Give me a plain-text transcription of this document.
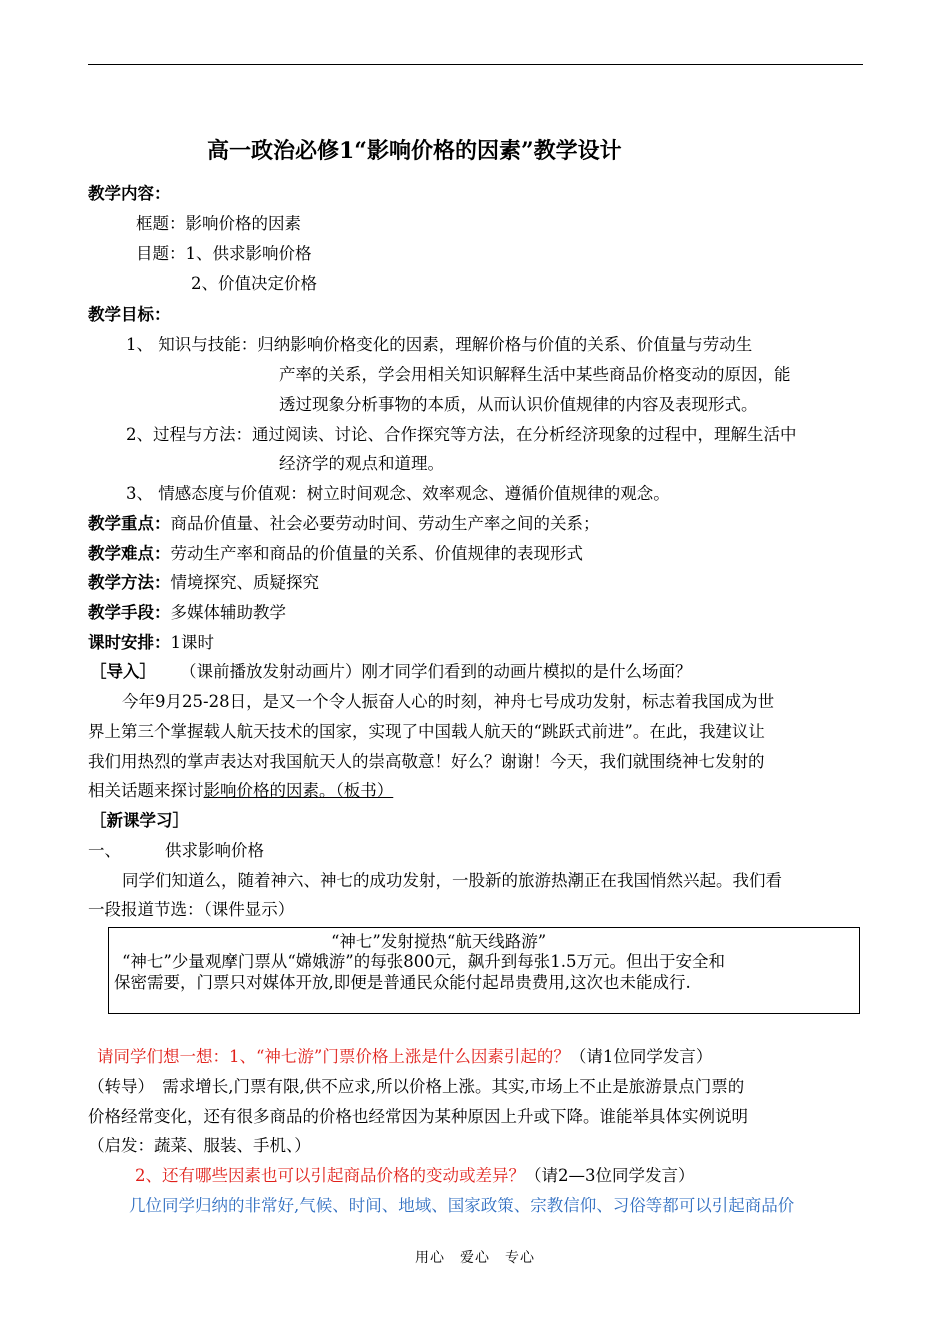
高一政治必修1“影响价格的因素”教学设计
教学内容：
框题：影响价格的因素
目题：1、供求影响价格
2、价值决定价格
教学目标：
1、 知识与技能：归纳影响价格变化的因素，理解价格与价值的关系、价值量与劳动生
产率的关系，学会用相关知识解释生活中某些商品价格变动的原因，能
透过现象分析事物的本质，从而认识价值规律的内容及表现形式。
2、过程与方法：通过阅读、讨论、合作探究等方法，在分析经济现象的过程中，理解生活中
经济学的观点和道理。
3、 情感态度与价值观：树立时间观念、效率观念、遵循价值规律的观念。
教学重点：商品价值量、社会必要劳动时间、劳动生产率之间的关系；
教学难点：劳动生产率和商品的价值量的关系、价值规律的表现形式
教学方法：情境探究、质疑探究
教学手段：多媒体辅助教学
课时安排：1课时
［导入］ （课前播放发射动画片）刚才同学们看到的动画片模拟的是什么场面？
今年9月25-28日，是又一个令人振奋人心的时刻，神舟七号成功发射，标志着我国成为世
界上第三个掌握载人航天技术的国家，实现了中国载人航天的“跳跃式前进”。在此，我建议让
我们用热烈的掌声表达对我国航天人的崇高敬意！好么？谢谢！今天，我们就围绕神七发射的
相关话题来探讨影响价格的因素。（板书）
［新课学习］
一、	供求影响价格
同学们知道么，随着神六、神七的成功发射，一股新的旅游热潮正在我国悄然兴起。我们看
一段报道节选：（课件显示）
“神七”发射搅热“航天线路游”
“神七”少量观摩门票从“嫦娥游”的每张800元，飙升到每张1.5万元。但出于安全和
保密需要，门票只对媒体开放,即便是普通民众能付起昂贵费用,这次也未能成行.
请同学们想一想：1、“神七游”门票价格上涨是什么因素引起的？（请1位同学发言）
（转导）　需求增长,门票有限,供不应求,所以价格上涨。其实,市场上不止是旅游景点门票的
价格经常变化，还有很多商品的价格也经常因为某种原因上升或下降。谁能举具体实例说明
（启发：蔬菜、服装、手机、）
2、还有哪些因素也可以引起商品价格的变动或差异？（请2—3位同学发言）
几位同学归纳的非常好,气候、时间、地域、国家政策、宗教信仰、习俗等都可以引起商品价
用心　爱心　专心
